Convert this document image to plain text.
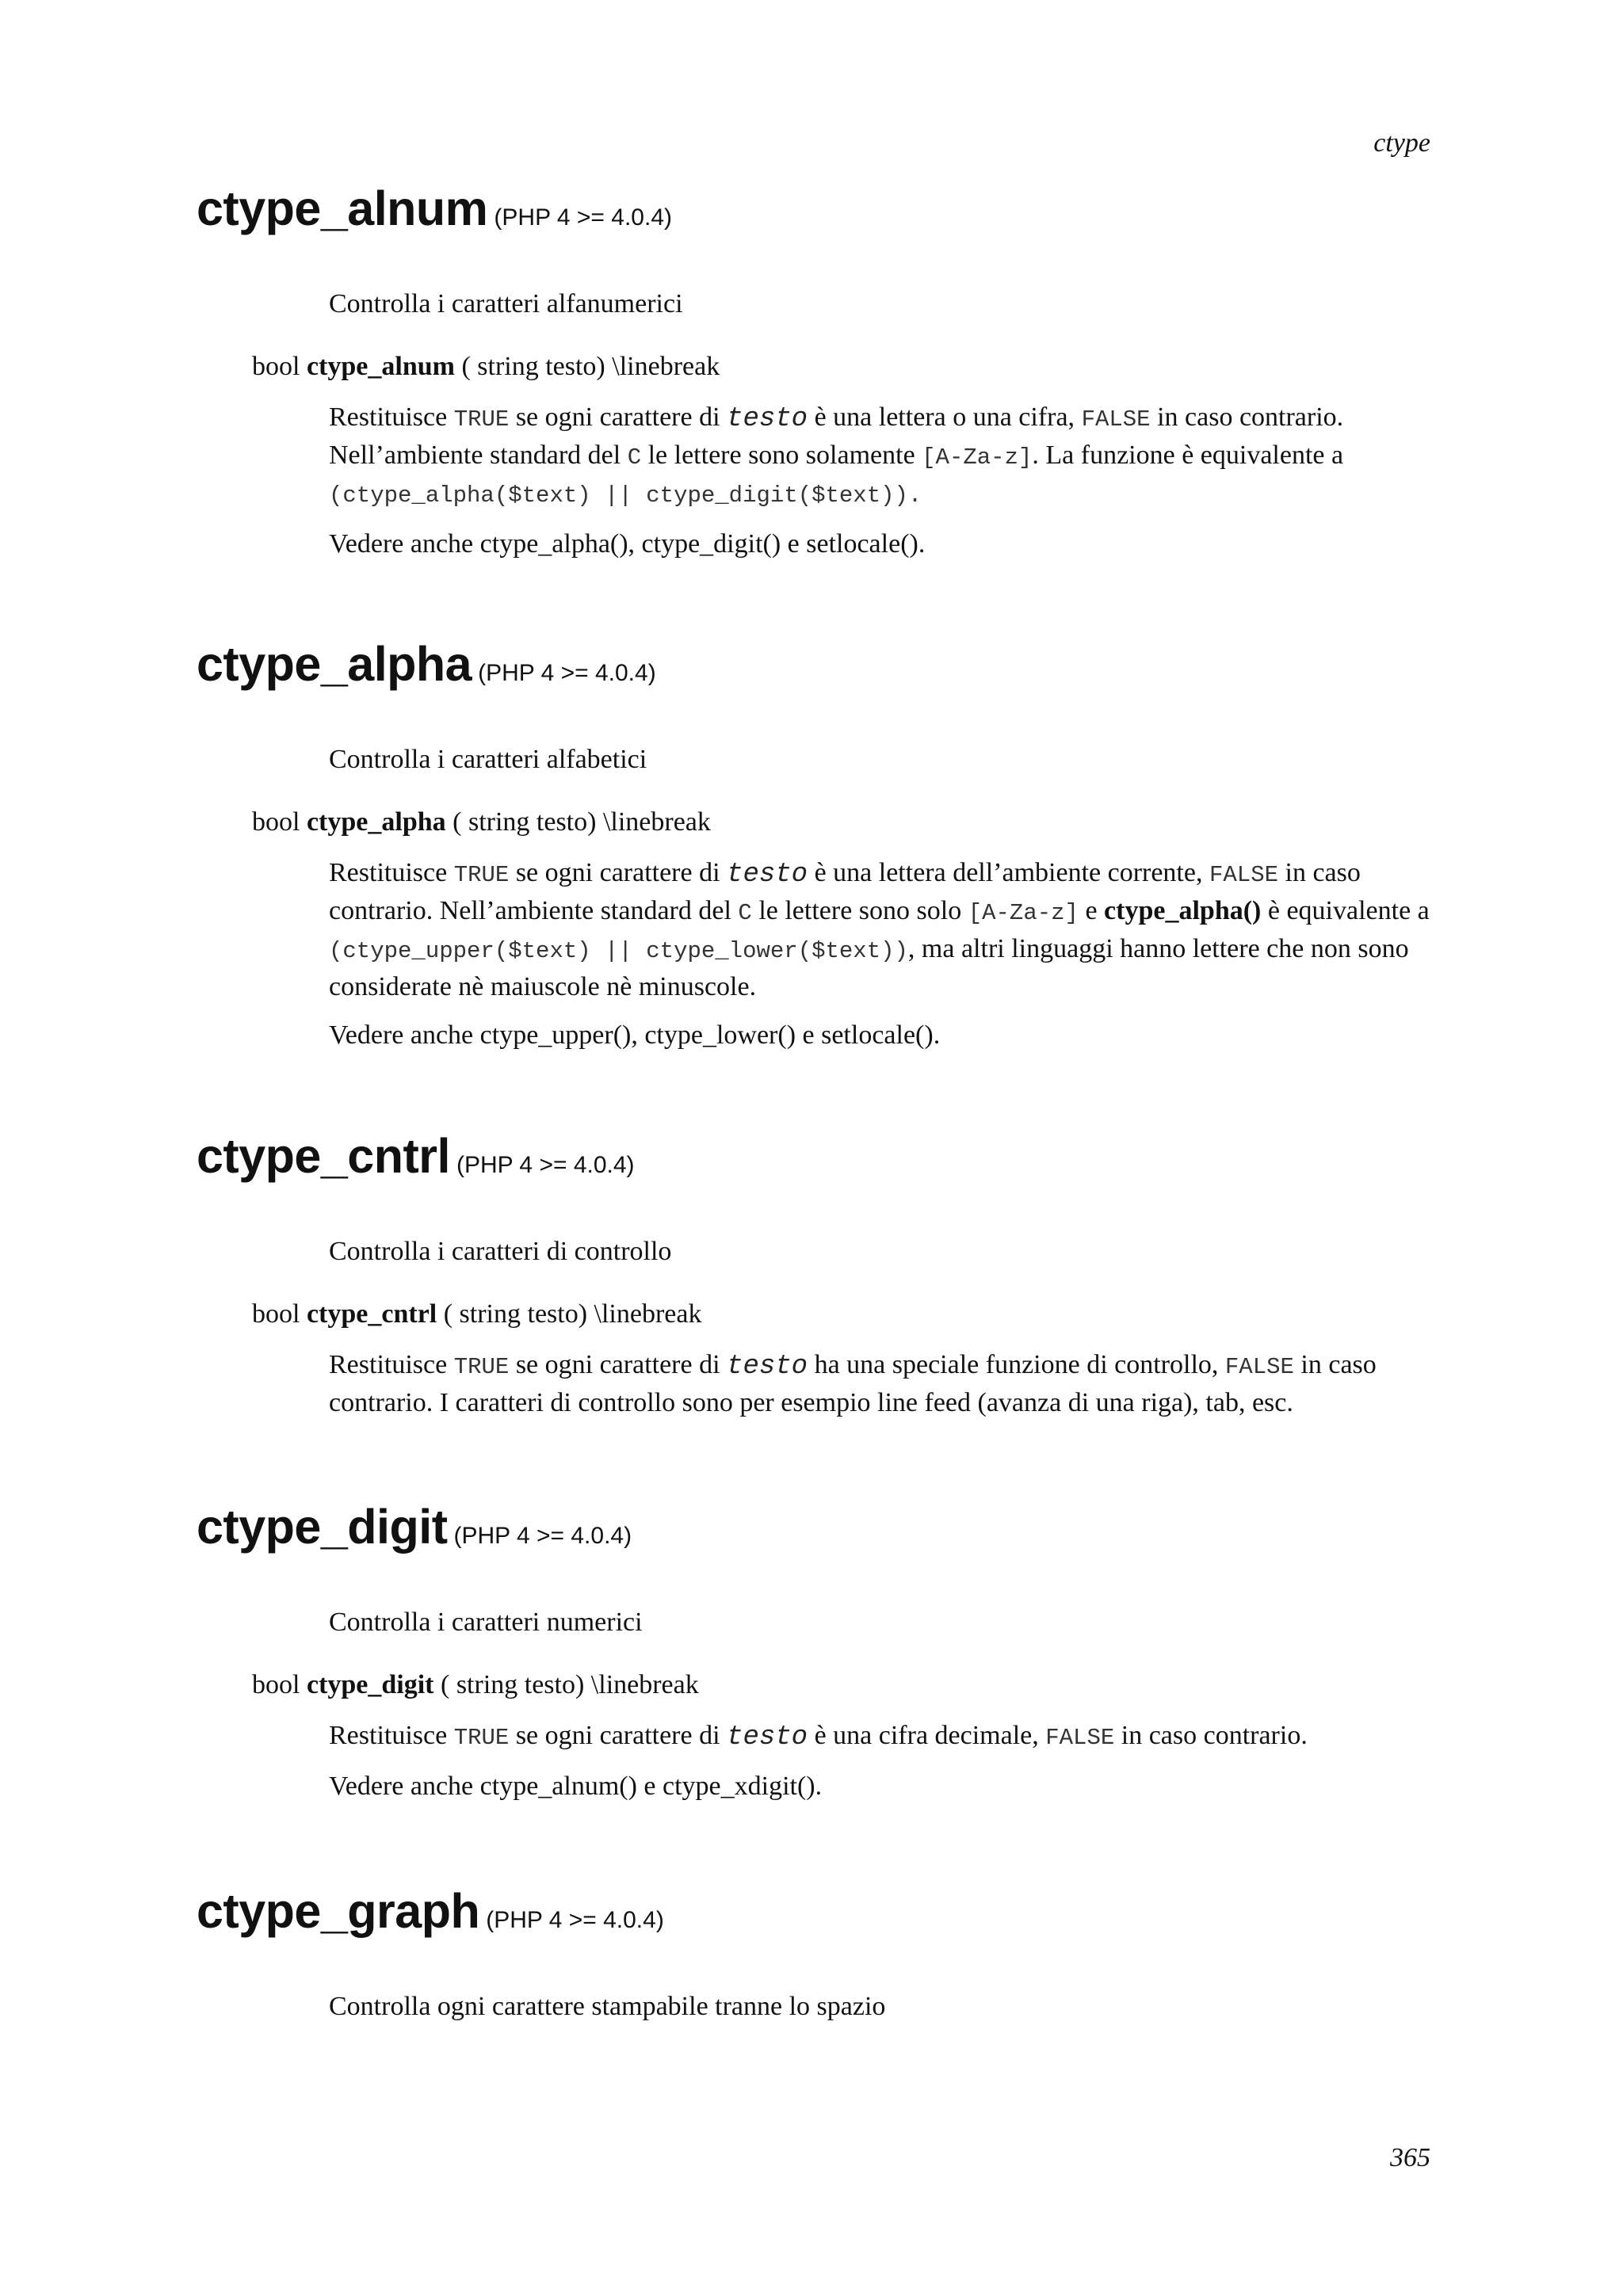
ctype
ctype_alnum (PHP 4 >= 4.0.4)
Controlla i caratteri alfanumerici
bool ctype_alnum ( string testo) \linebreak

Restituisce TRUE se ogni carattere di testo è una lettera o una cifra, FALSE in caso contrario. Nell’ambiente standard del C le lettere sono solamente [A-Za-z]. La funzione è equivalente a
(ctype_alpha($text) || ctype_digit($text)).

Vedere anche ctype_alpha(), ctype_digit() e setlocale().

ctype_alpha (PHP 4 >= 4.0.4)
Controlla i caratteri alfabetici
bool ctype_alpha ( string testo) \linebreak

Restituisce TRUE se ogni carattere di testo è una lettera dell’ambiente corrente, FALSE in caso contrario. Nell’ambiente standard del C le lettere sono solo [A-Za-z] e ctype_alpha() è equivalente a (ctype_upper($text) || ctype_lower($text)), ma altri linguaggi hanno lettere che non sono considerate nè maiuscole nè minuscole.

Vedere anche ctype_upper(), ctype_lower() e setlocale().

ctype_cntrl (PHP 4 >= 4.0.4)
Controlla i caratteri di controllo
bool ctype_cntrl ( string testo) \linebreak

Restituisce TRUE se ogni carattere di testo ha una speciale funzione di controllo, FALSE in caso contrario. I caratteri di controllo sono per esempio line feed (avanza di una riga), tab, esc.

ctype_digit (PHP 4 >= 4.0.4)
Controlla i caratteri numerici
bool ctype_digit ( string testo) \linebreak

Restituisce TRUE se ogni carattere di testo è una cifra decimale, FALSE in caso contrario.

Vedere anche ctype_alnum() e ctype_xdigit().

ctype_graph (PHP 4 >= 4.0.4)
Controlla ogni carattere stampabile tranne lo spazio
365
